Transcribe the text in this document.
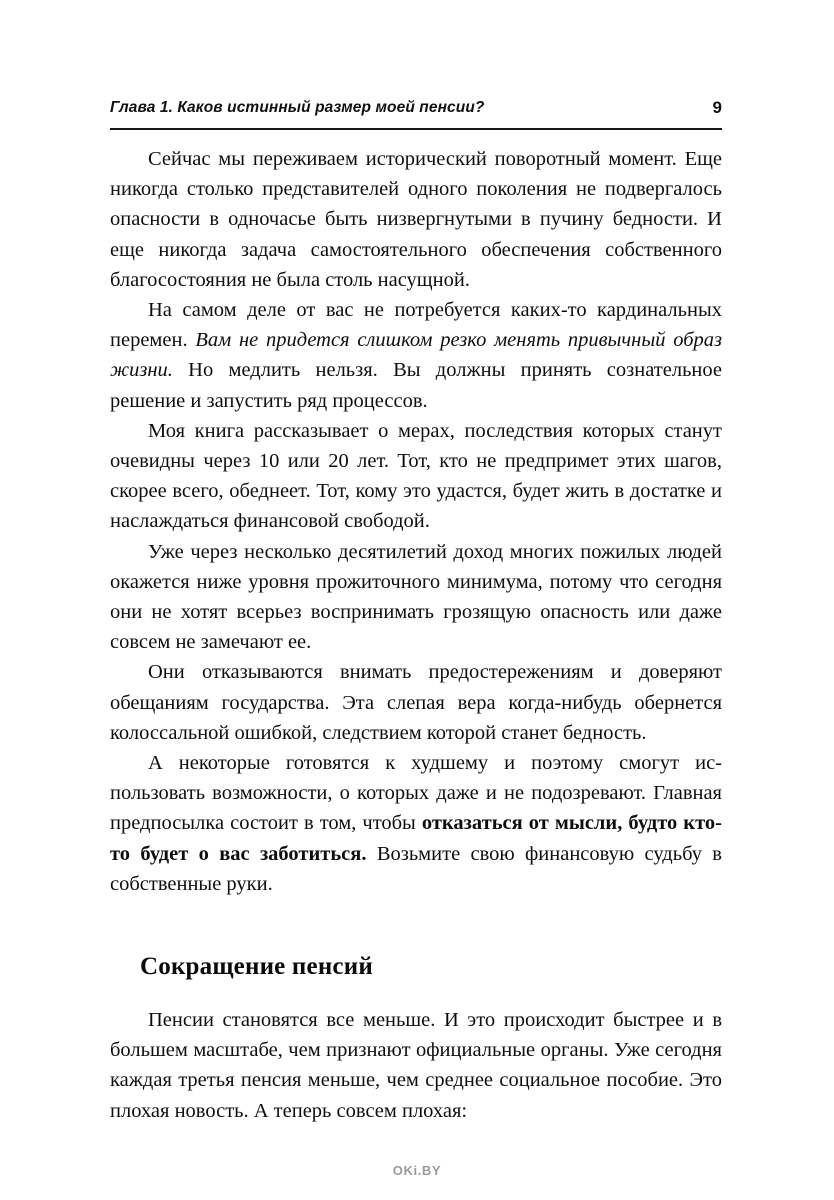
Глава 1. Каков истинный размер моей пенсии?	9

Сейчас мы переживаем исторический поворотный момент. Еще никогда столько представителей одного поколения не подвергалось опасности в одночасье быть низвергнутыми в пучину бедности. И еще никогда задача самостоятельного обеспечения собственного благосостояния не была столь насущной.

На самом деле от вас не потребуется каких-то кардинальных перемен. Вам не придется слишком резко менять привычный образ жизни. Но медлить нельзя. Вы должны принять сознательное решение и запустить ряд процессов.

Моя книга рассказывает о мерах, последствия которых станут очевидны через 10 или 20 лет. Тот, кто не предпримет этих шагов, скорее всего, обеднеет. Тот, кому это удастся, будет жить в достатке и наслаждаться финансовой свободой.

Уже через несколько десятилетий доход многих пожилых людей окажется ниже уровня прожиточного минимума, потому что сегодня они не хотят всерьез воспринимать грозящую опасность или даже совсем не замечают ее.

Они отказываются внимать предостережениям и доверяют обещаниям государства. Эта слепая вера когда-нибудь обернется колоссальной ошибкой, следствием которой станет бедность.

А некоторые готовятся к худшему и поэтому смогут использовать возможности, о которых даже и не подозревают. Главная предпосылка состоит в том, чтобы отказаться от мысли, будто кто-то будет о вас заботиться. Возьмите свою финансовую судьбу в собственные руки.

Сокращение пенсий

Пенсии становятся все меньше. И это происходит быстрее и в большем масштабе, чем признают официальные органы. Уже сегодня каждая третья пенсия меньше, чем среднее социальное пособие. Это плохая новость. А теперь совсем плохая:

OKi.BY
